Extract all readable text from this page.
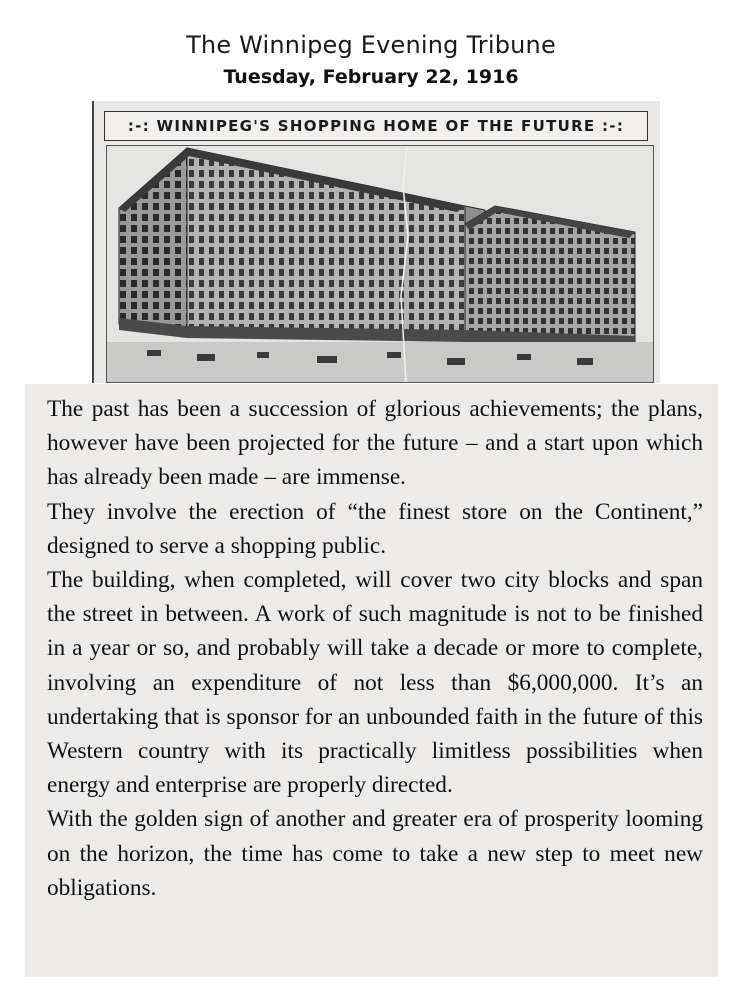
The Winnipeg Evening Tribune
Tuesday, February 22, 1916
:-: WINNIPEG'S SHOPPING HOME OF THE FUTURE :-:

The past has been a succession of glorious achievements; the plans, however have been projected for the future – and a start upon which has already been made – are immense.

They involve the erection of “the finest store on the Continent,” designed to serve a shopping public.

The building, when completed, will cover two city blocks and span the street in between. A work of such magnitude is not to be finished in a year or so, and probably will take a decade or more to complete, involving an expenditure of not less than $6,000,000. It’s an undertaking that is sponsor for an unbounded faith in the future of this Western country with its practically limitless possibilities when energy and enterprise are properly directed.

With the golden sign of another and greater era of prosperity looming on the horizon, the time has come to take a new step to meet new obligations.
